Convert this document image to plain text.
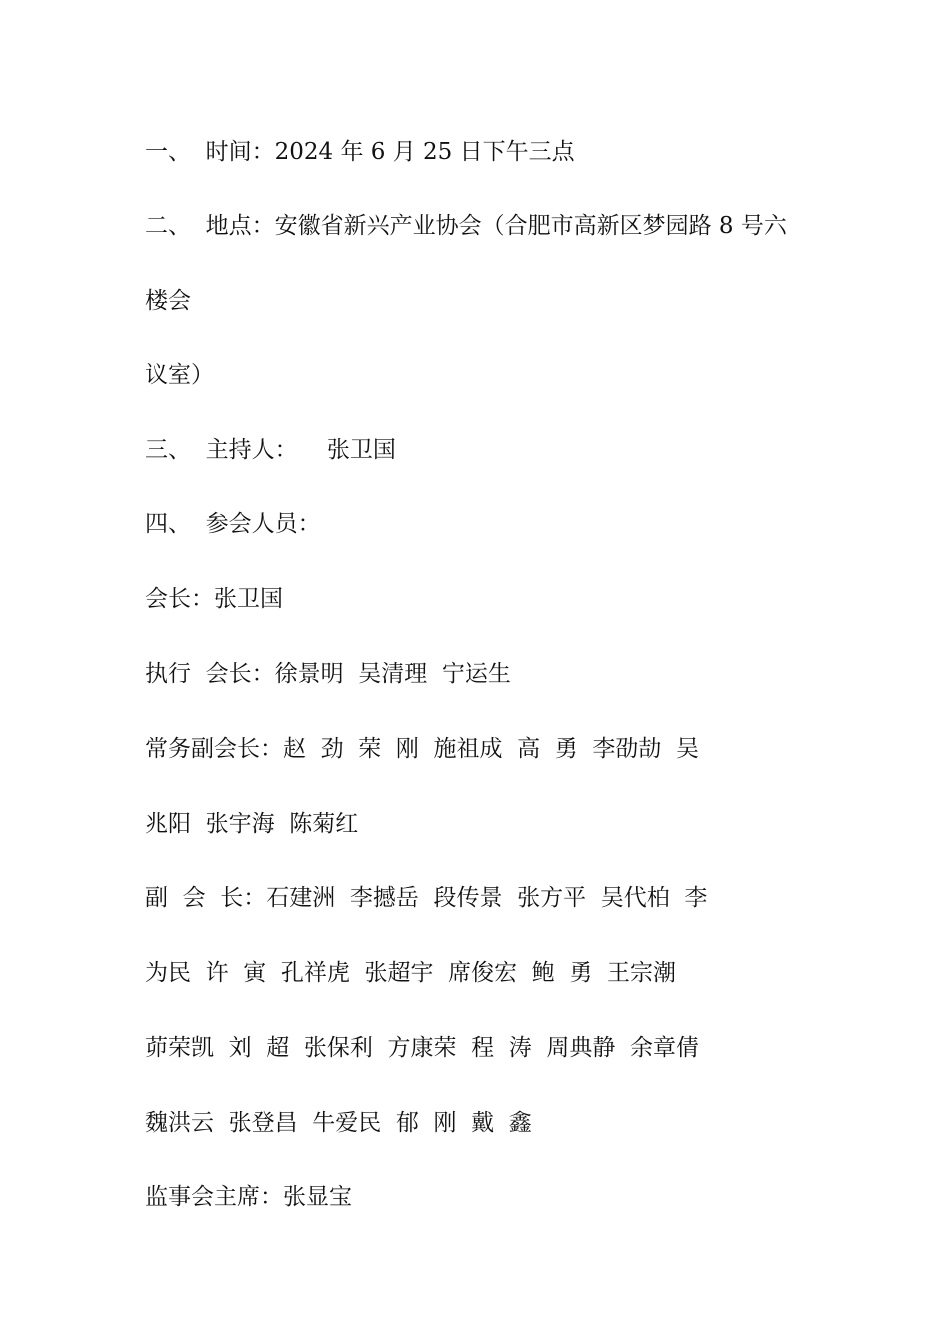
一、  时间：2024 年 6 月 25 日下午三点
二、  地点：安徽省新兴产业协会（合肥市高新区梦园路 8 号六
楼会
议室）
三、  主持人：    张卫国
四、  参会人员：
会长：张卫国
执行  会长：徐景明  吴清理  宁运生
常务副会长：赵  劲  荣  刚  施祖成  高  勇  李劭劼  吴
兆阳  张宇海  陈菊红
副  会  长：石建洲  李撼岳  段传景  张方平  吴代柏  李
为民  许  寅  孔祥虎  张超宇  席俊宏  鲍  勇  王宗潮
茆荣凯  刘  超  张保利  方康荣  程  涛  周典静  余章倩
魏洪云  张登昌  牛爱民  郁  刚  戴  鑫
监事会主席：张显宝
